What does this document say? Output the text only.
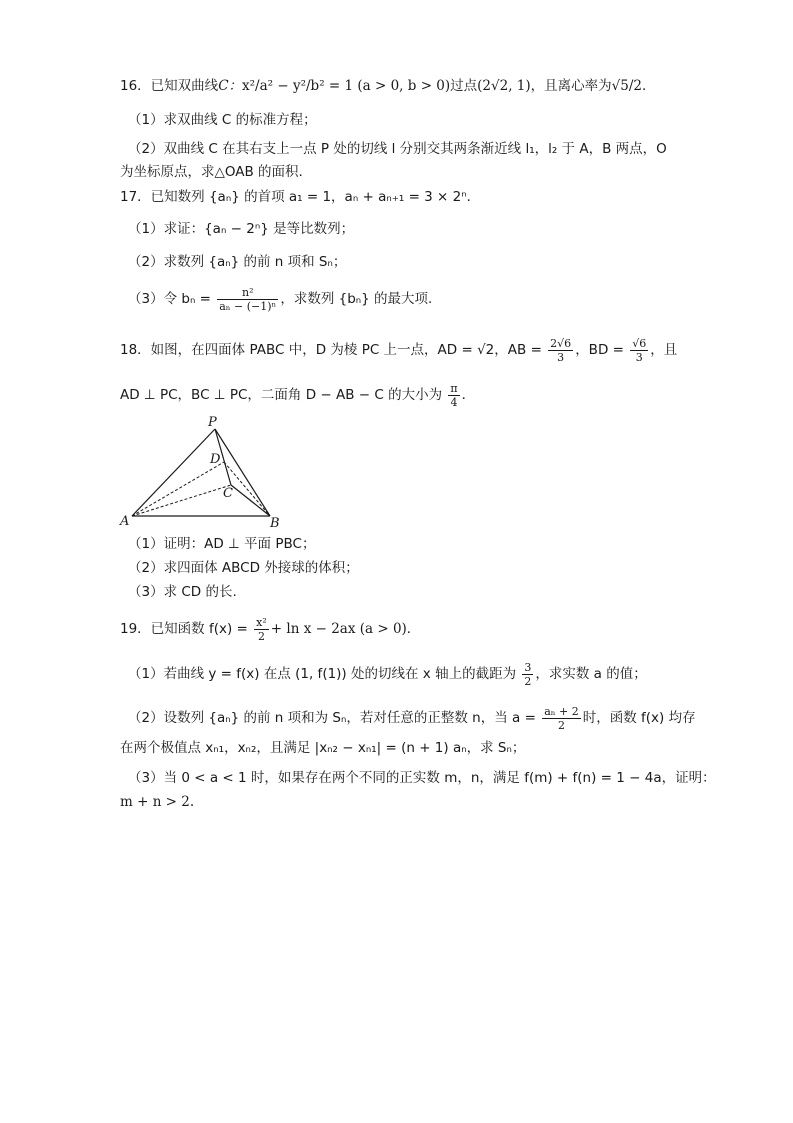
16．已知双曲线C：x²/a² − y²/b² = 1 (a > 0, b > 0)过点(2√2, 1)，且离心率为√5/2．
（1）求双曲线 C 的标准方程；
（2）双曲线 C 在其右支上一点 P 处的切线 l 分别交其两条渐近线 l₁，l₂ 于 A，B 两点，O
为坐标原点，求△OAB 的面积.
17．已知数列 {aₙ} 的首项 a₁ = 1，aₙ + aₙ₊₁ = 3 × 2ⁿ．
（1）求证：{aₙ − 2ⁿ} 是等比数列；
（2）求数列 {aₙ} 的前 n 项和 Sₙ；
（3）令 $b_n = \frac{\text{n²}}{\text{aₙ − (−1)ⁿ}}$ ，求数列 {bₙ} 的最大项.
18．如图，在四面体 PABC 中，D 为棱 PC 上一点，AD = √2，AB = $\frac{2√6}{3}$ ，BD = $\frac{√6}{3}$ ，且
AD ⊥ PC，BC ⊥ PC，二面角 D − AB − C 的大小为 $\frac{\pi}{4}$ ．
P
D
C
A	B
（1）证明：AD ⊥ 平面 PBC；
（2）求四面体 ABCD 外接球的体积；
（3）求 CD 的长.
19．已知函数 $f(x) = \frac{\text{x²}}{2} + \ln x - 2ax$ (a > 0)．
（1）若曲线 y = f(x) 在点 (1, f(1)) 处的切线在 x 轴上的截距为 $\frac{3}{2}$ ，求实数 a 的值；
（2）设数列 {aₙ} 的前 n 项和为 Sₙ，若对任意的正整数 n，当 $a = \frac{\text{aₙ + 2}}{2}$ 时，函数 f(x) 均存
在两个极值点 xₙ₁，xₙ₂，且满足 |xₙ₂ − xₙ₁| = (n + 1) aₙ，求 Sₙ；
（3）当 0 < a < 1 时，如果存在两个不同的正实数 m，n，满足 f(m) + f(n) = 1 − 4a，证明：
m + n > 2.
